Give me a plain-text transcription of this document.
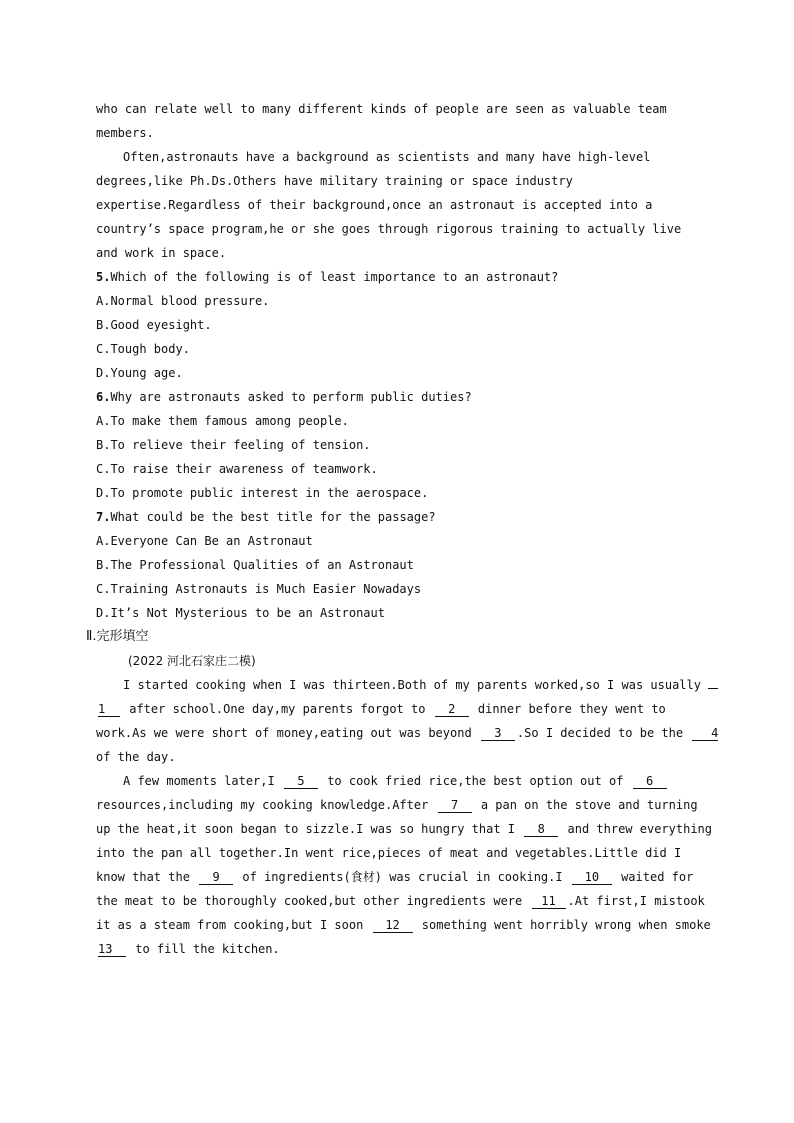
who can relate well to many different kinds of people are seen as valuable team
members.
Often,astronauts have a background as scientists and many have high-level
degrees,like Ph.Ds.Others have military training or space industry
expertise.Regardless of their background,once an astronaut is accepted into a
country’s space program,he or she goes through rigorous training to actually live
and work in space.
5.Which of the following is of least importance to an astronaut?
A.Normal blood pressure.
B.Good eyesight.
C.Tough body.
D.Young age.
6.Why are astronauts asked to perform public duties?
A.To make them famous among people.
B.To relieve their feeling of tension.
C.To raise their awareness of teamwork.
D.To promote public interest in the aerospace.
7.What could be the best title for the passage?
A.Everyone Can Be an Astronaut
B.The Professional Qualities of an Astronaut
C.Training Astronauts is Much Easier Nowadays
D.It’s Not Mysterious to be an Astronaut
Ⅱ.完形填空
(2022 河北石家庄二模)
I started cooking when I was thirteen.Both of my parents worked,so I was usually
1 after school.One day,my parents forgot to 2 dinner before they went to
work.As we were short of money,eating out was beyond 3 .So I decided to be the 4
of the day.
A few moments later,I 5 to cook fried rice,the best option out of 6
resources,including my cooking knowledge.After 7 a pan on the stove and turning
up the heat,it soon began to sizzle.I was so hungry that I 8 and threw everything
into the pan all together.In went rice,pieces of meat and vegetables.Little did I
know that the 9 of ingredients(食材) was crucial in cooking.I 10 waited for
the meat to be thoroughly cooked,but other ingredients were 11 .At first,I mistook
it as a steam from cooking,but I soon 12 something went horribly wrong when smoke
13 to fill the kitchen.
